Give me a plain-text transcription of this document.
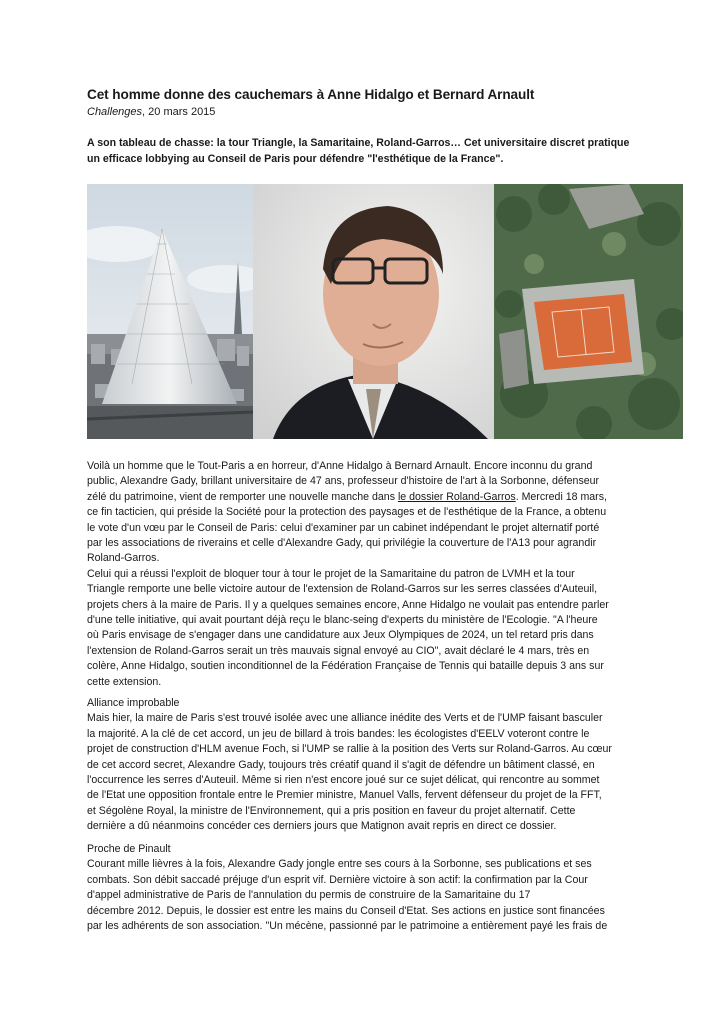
Cet homme donne des cauchemars à Anne Hidalgo et Bernard Arnault
Challenges, 20 mars 2015
A son tableau de chasse: la tour Triangle, la Samaritaine, Roland-Garros… Cet universitaire discret pratique
un efficace lobbying au Conseil de Paris pour défendre "l'esthétique de la France".
Voilà un homme que le Tout-Paris a en horreur, d'Anne Hidalgo à Bernard Arnault. Encore inconnu du grand
public, Alexandre Gady, brillant universitaire de 47 ans, professeur d'histoire de l'art à la Sorbonne, défenseur
zélé du patrimoine, vient de remporter une nouvelle manche dans le dossier Roland-Garros. Mercredi 18 mars,
ce fin tacticien, qui préside la Société pour la protection des paysages et de l'esthétique de la France, a obtenu
le vote d'un vœu par le Conseil de Paris: celui d'examiner par un cabinet indépendant le projet alternatif porté
par les associations de riverains et celle d'Alexandre Gady, qui privilégie la couverture de l'A13 pour agrandir
Roland-Garros.
Celui qui a réussi l'exploit de bloquer tour à tour le projet de la Samaritaine du patron de LVMH et la tour
Triangle remporte une belle victoire autour de l'extension de Roland-Garros sur les serres classées d'Auteuil,
projets chers à la maire de Paris. Il y a quelques semaines encore, Anne Hidalgo ne voulait pas entendre parler
d'une telle initiative, qui avait pourtant déjà reçu le blanc-seing d'experts du ministère de l'Ecologie. "A l'heure
où Paris envisage de s'engager dans une candidature aux Jeux Olympiques de 2024, un tel retard pris dans
l'extension de Roland-Garros serait un très mauvais signal envoyé au CIO", avait déclaré le 4 mars, très en
colère, Anne Hidalgo, soutien inconditionnel de la Fédération Française de Tennis qui bataille depuis 3 ans sur
cette extension.
Alliance improbable
Mais hier, la maire de Paris s'est trouvé isolée avec une alliance inédite des Verts et de l'UMP faisant basculer
la majorité. A la clé de cet accord, un jeu de billard à trois bandes: les écologistes d'EELV voteront contre le
projet de construction d'HLM avenue Foch, si l'UMP se rallie à la position des Verts sur Roland-Garros. Au cœur
de cet accord secret, Alexandre Gady, toujours très créatif quand il s'agit de défendre un bâtiment classé, en
l'occurrence les serres d'Auteuil. Même si rien n'est encore joué sur ce sujet délicat, qui rencontre au sommet
de l'Etat une opposition frontale entre le Premier ministre, Manuel Valls, fervent défenseur du projet de la FFT,
et Ségolène Royal, la ministre de l'Environnement, qui a pris position en faveur du projet alternatif. Cette
dernière a dû néanmoins concéder ces derniers jours que Matignon avait repris en direct ce dossier.
Proche de Pinault
Courant mille lièvres à la fois, Alexandre Gady jongle entre ses cours à la Sorbonne, ses publications et ses
combats. Son débit saccadé préjuge d'un esprit vif. Dernière victoire à son actif: la confirmation par la Cour
d'appel administrative de Paris de l'annulation du permis de construire de la Samaritaine du 17
décembre 2012. Depuis, le dossier est entre les mains du Conseil d'Etat. Ses actions en justice sont financées
par les adhérents de son association. "Un mécène, passionné par le patrimoine a entièrement payé les frais de
